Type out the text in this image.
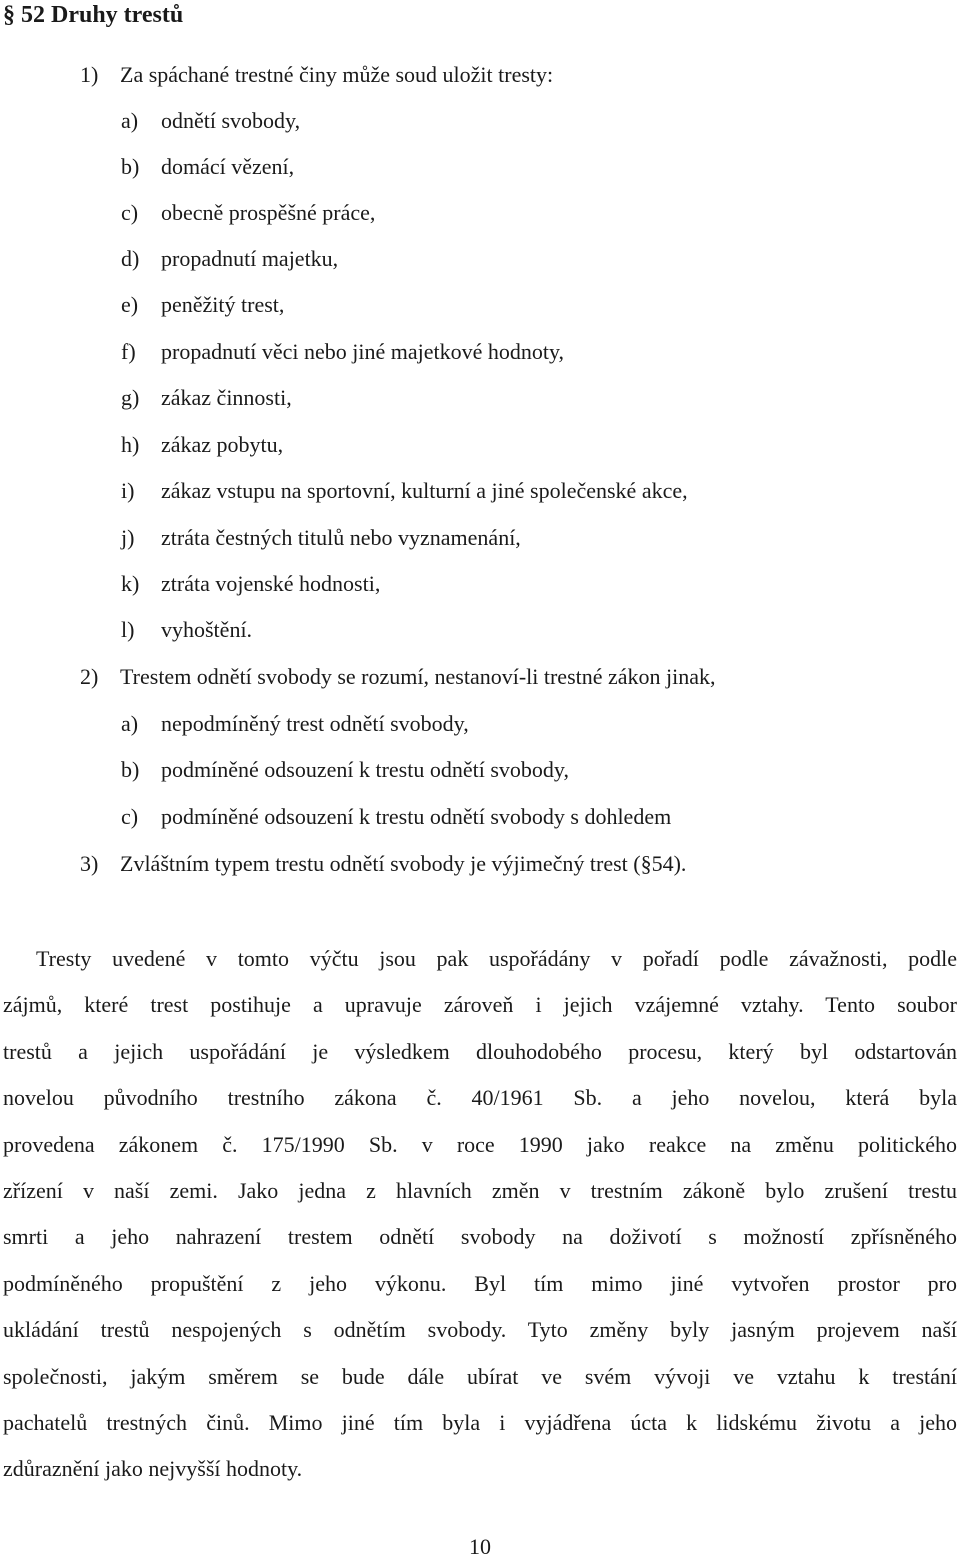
§ 52 Druhy trestů
1) Za spáchané trestné činy může soud uložit tresty:
a) odnětí svobody,
b) domácí vězení,
c) obecně prospěšné práce,
d) propadnutí majetku,
e) peněžitý trest,
f) propadnutí věci nebo jiné majetkové hodnoty,
g) zákaz činnosti,
h) zákaz pobytu,
i) zákaz vstupu na sportovní, kulturní a jiné společenské akce,
j) ztráta čestných titulů nebo vyznamenání,
k) ztráta vojenské hodnosti,
l) vyhoštění.
2) Trestem odnětí svobody se rozumí, nestanoví-li trestné zákon jinak,
a) nepodmíněný trest odnětí svobody,
b) podmíněné odsouzení k trestu odnětí svobody,
c) podmíněné odsouzení k trestu odnětí svobody s dohledem
3) Zvláštním typem trestu odnětí svobody je výjimečný trest (§54).
Tresty uvedené v tomto výčtu jsou pak uspořádány v pořadí podle závažnosti, podle
zájmů, které trest postihuje a upravuje zároveň i jejich vzájemné vztahy. Tento soubor
trestů a jejich uspořádání je výsledkem dlouhodobého procesu, který byl odstartován
novelou původního trestního zákona č. 40/1961 Sb. a jeho novelou, která byla
provedena zákonem č. 175/1990 Sb. v roce 1990 jako reakce na změnu politického
zřízení v naší zemi. Jako jedna z hlavních změn v trestním zákoně bylo zrušení trestu
smrti a jeho nahrazení trestem odnětí svobody na doživotí s možností zpřísněného
podmíněného propuštění z jeho výkonu. Byl tím mimo jiné vytvořen prostor pro
ukládání trestů nespojených s odnětím svobody. Tyto změny byly jasným projevem naší
společnosti, jakým směrem se bude dále ubírat ve svém vývoji ve vztahu k trestání
pachatelů trestných činů. Mimo jiné tím byla i vyjádřena úcta k lidskému životu a jeho
zdůraznění jako nejvyšší hodnoty.
10
